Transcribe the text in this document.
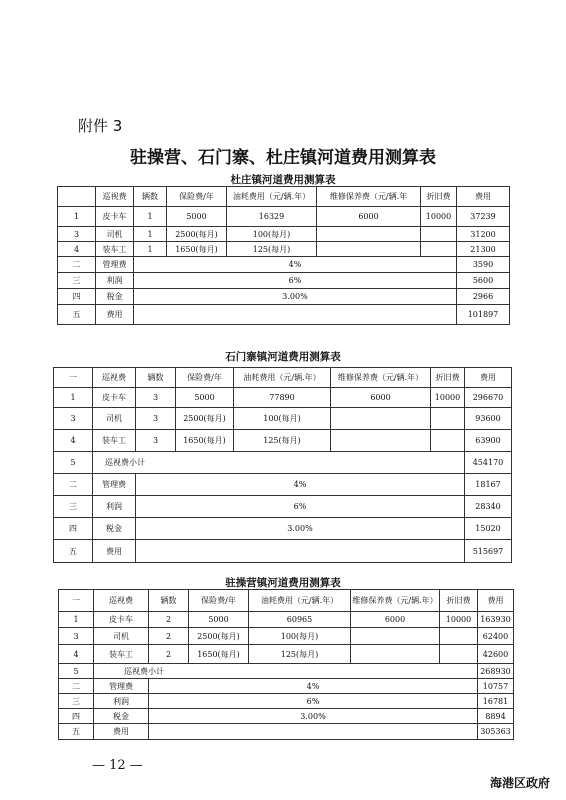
附件 3
驻操营、石门寨、杜庄镇河道费用测算表
杜庄镇河道费用测算表
	巡视费	辆数	保险费/年	油耗费用（元/辆.年）	维修保养费（元/辆.年	折旧费	费用
1	皮卡车	1	5000	16329	6000	10000	37239
3	司机	1	2500(每月)	100(每月)			31200
4	装车工	1	1650(每月)	125(每月)			21300
二	管理费	4%					3590
三	利润	6%					5600
四	税金	3.00%					2966
五	费用						101897
石门寨镇河道费用测算表
一	巡视费	辆数	保险费/年	油耗费用（元/辆.年）	维修保养费（元/辆.年）	折旧费	费用
1	皮卡车	3	5000	77890	6000	10000	296670
3	司机	3	2500(每月)	100(每月)			93600
4	装车工	3	1650(每月)	125(每月)			63900
5	巡视费小计						454170
二	管理费	4%					18167
三	利润	6%					28340
四	税金	3.00%					15020
五	费用						515697
驻操营镇河道费用测算表
一	巡视费	辆数	保险费/年	油耗费用（元/辆.年）	维修保养费（元/辆.年）	折旧费	费用
1	皮卡车	2	5000	60965	6000	10000	163930
3	司机	2	2500(每月)	100(每月)			62400
4	装车工	2	1650(每月)	125(每月)			42600
5	巡视费小计						268930
二	管理费	4%					10757
三	利润	6%					16781
四	税金	3.00%					8894
五	费用						305363
— 12 —
海港区政府
